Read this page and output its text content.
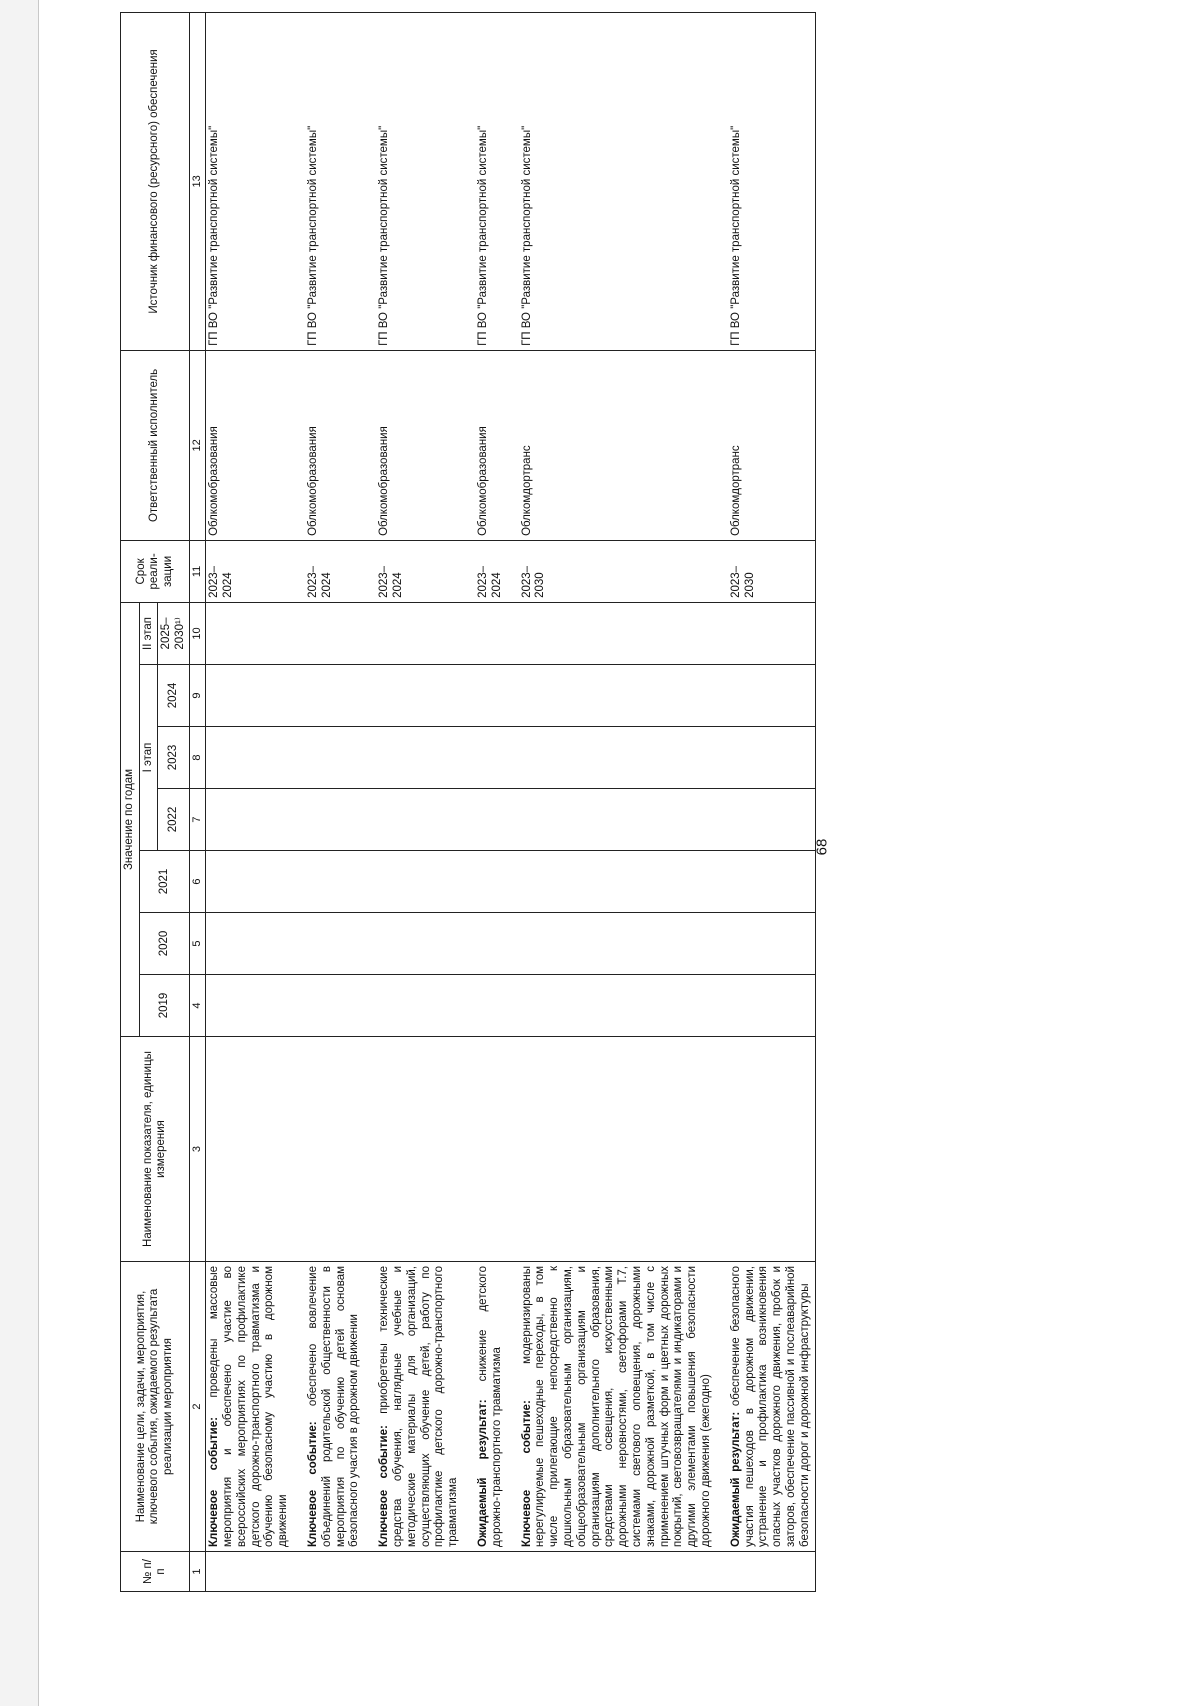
68
№ п/п	Наименование цели, задачи, мероприятия, ключевого события, ожидаемого результата реализации мероприятия	Наименование показателя, единицы измерения	Значение по годам							Срок реали-зации	Ответственный исполнитель	Источник финансового (ресурсного) обеспечения
			2019	2020	2021	I этап			II этап			
						2022	2023	2024	2025–2030¹⁾			
1	2	3	4	5	6	7	8	9	10	11	12	13
	Ключевое событие: проведены массовые мероприятия и обеспечено участие во всероссийских мероприятиях по профилактике детского дорожно-транспортного травматизма и обучению безопасному участию в дорожном движении									2023–2024	Облкомобразования	ГП ВО "Развитие транспортной системы"
	Ключевое событие: обеспечено вовлечение объединений родительской общественности в мероприятия по обучению детей основам безопасного участия в дорожном движении									2023–2024	Облкомобразования	ГП ВО "Развитие транспортной системы"
	Ключевое событие: приобретены технические средства обучения, наглядные учебные и методические материалы для организаций, осуществляющих обучение детей, работу по профилактике детского дорожно-транспортного травматизма									2023–2024	Облкомобразования	ГП ВО "Развитие транспортной системы"
	Ожидаемый результат: снижение детского дорожно-транспортного травматизма									2023–2024	Облкомобразования	ГП ВО "Развитие транспортной системы"
	Ключевое событие: модернизированы нерегулируемые пешеходные переходы, в том числе прилегающие непосредственно к дошкольным образовательным организациям, общеобразовательным организациям и организациям дополнительного образования, средствами освещения, искусственными дорожными неровностями, светофорами Т.7, системами светового оповещения, дорожными знаками, дорожной разметкой, в том числе с применением штучных форм и цветных дорожных покрытий, световозвращателями и индикаторами и другими элементами повышения безопасности дорожного движения (ежегодно)									2023–2030	Облкомдортранс	ГП ВО "Развитие транспортной системы"
	Ожидаемый результат: обеспечение безопасного участия пешеходов в дорожном движении, устранение и профилактика возникновения опасных участков дорожного движения, пробок и заторов, обеспечение пассивной и послеаварийной безопасности дорог и дорожной инфраструктуры									2023–2030	Облкомдортранс	ГП ВО "Развитие транспортной системы"
